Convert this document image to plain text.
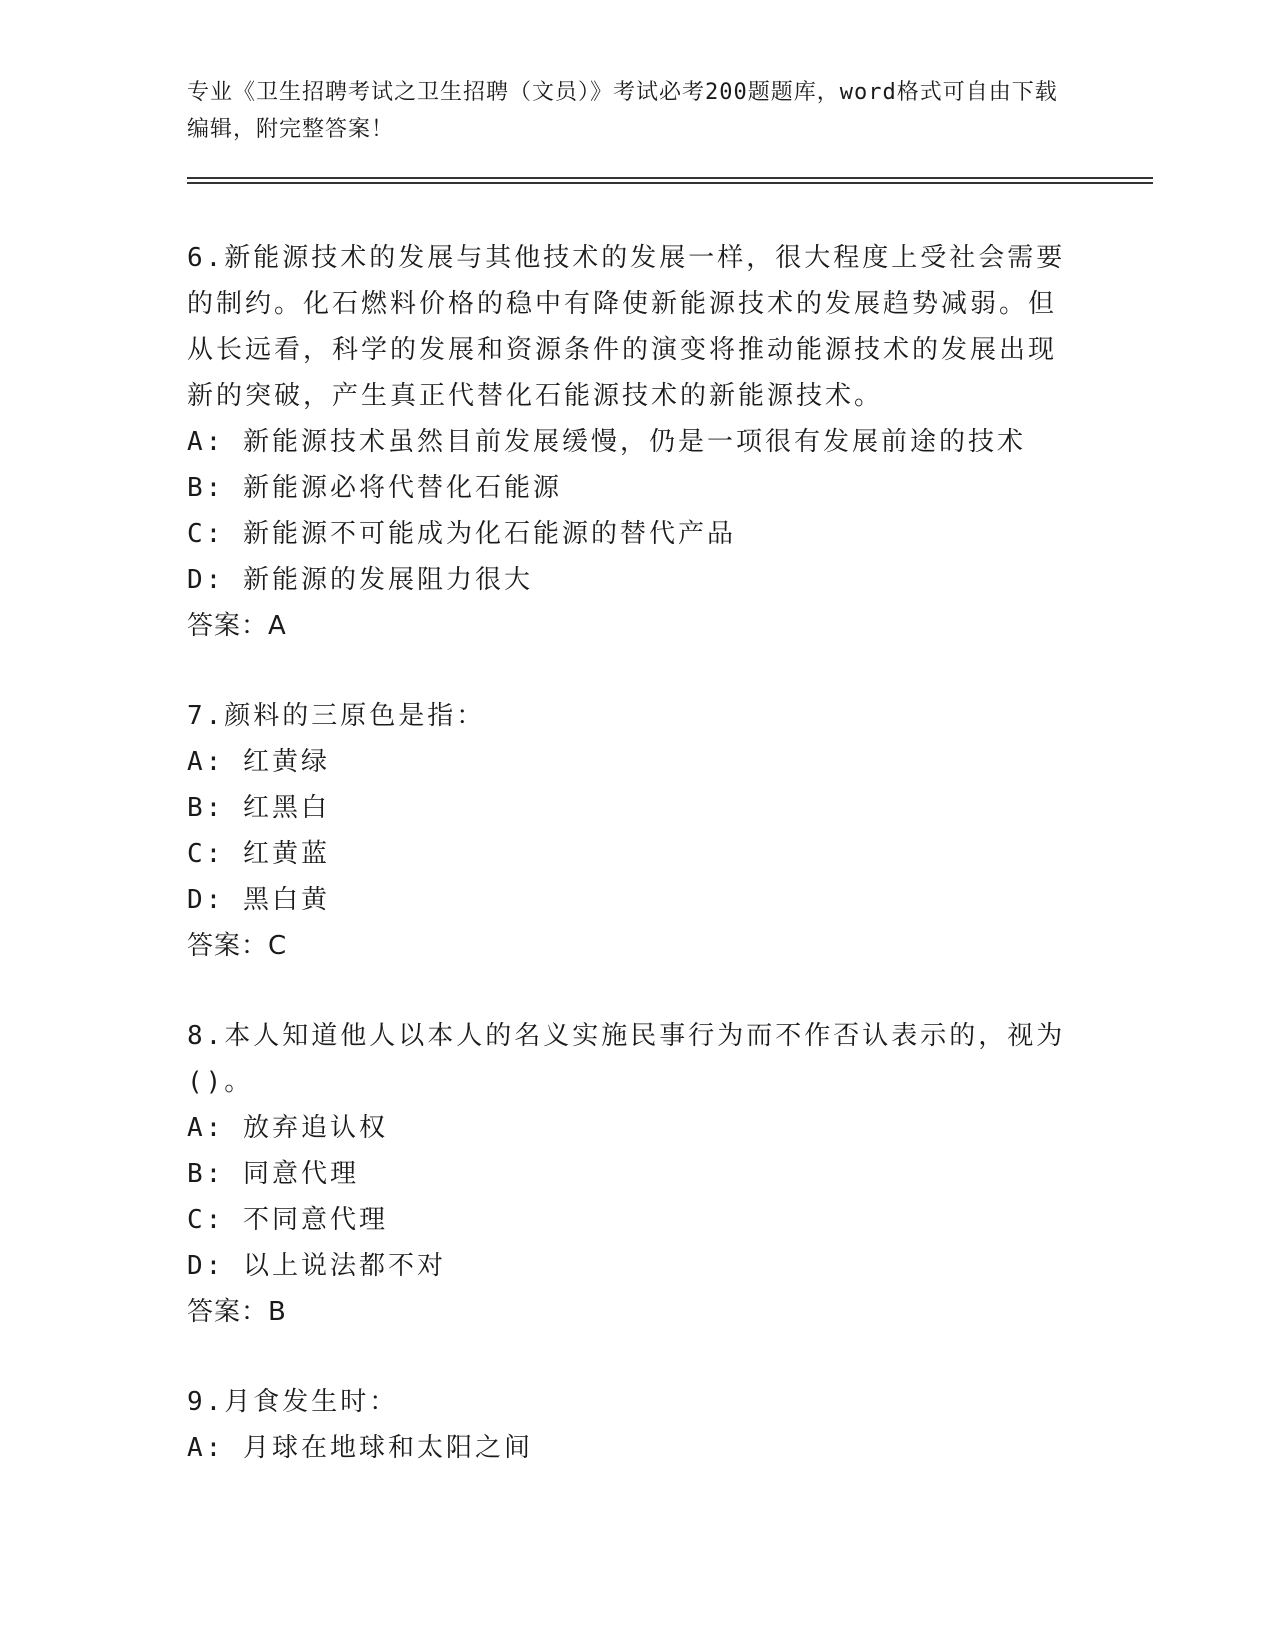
专业《卫生招聘考试之卫生招聘（文员）》考试必考200题题库，word格式可自由下载编辑，附完整答案！

6.新能源技术的发展与其他技术的发展一样，很大程度上受社会需要的制约。化石燃料价格的稳中有降使新能源技术的发展趋势减弱。但从长远看，科学的发展和资源条件的演变将推动能源技术的发展出现新的突破，产生真正代替化石能源技术的新能源技术。

A: 新能源技术虽然目前发展缓慢，仍是一项很有发展前途的技术

B: 新能源必将代替化石能源

C: 新能源不可能成为化石能源的替代产品

D: 新能源的发展阻力很大

答案：A

7.颜料的三原色是指：

A: 红黄绿

B: 红黑白

C: 红黄蓝

D: 黑白黄

答案：C

8.本人知道他人以本人的名义实施民事行为而不作否认表示的，视为()。

A: 放弃追认权

B: 同意代理

C: 不同意代理

D: 以上说法都不对

答案：B

9.月食发生时：

A: 月球在地球和太阳之间
